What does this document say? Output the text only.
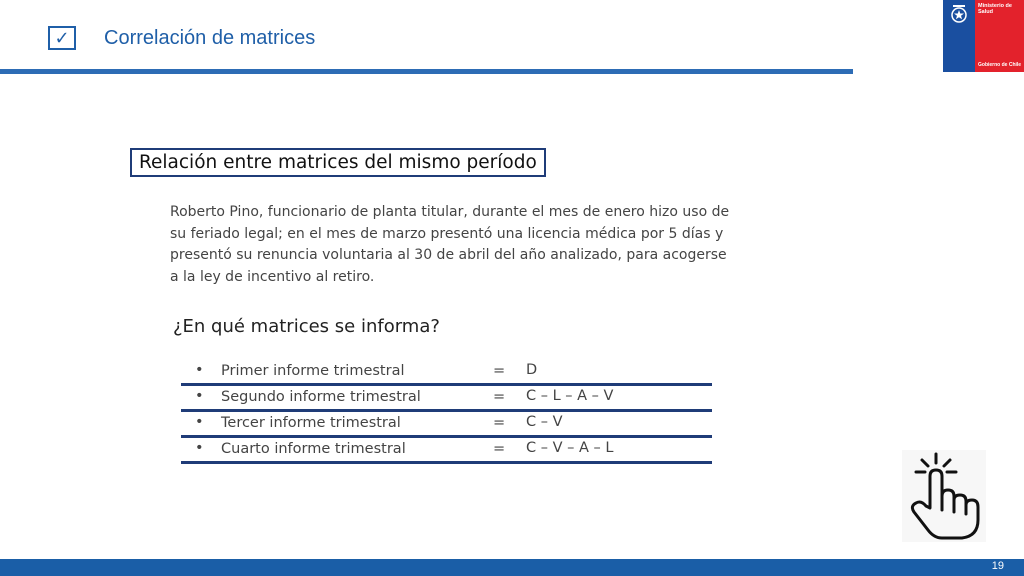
✓ Correlación de matrices
Ministerio de Salud
Gobierno de Chile
Relación entre matrices del mismo período
Roberto Pino, funcionario de planta titular, durante el mes de enero hizo uso de su feriado legal; en el mes de marzo presentó una licencia médica por 5 días y presentó su renuncia voluntaria al 30 de abril del año analizado, para acogerse a la ley de incentivo al retiro.
¿En qué matrices se informa?
• Primer informe trimestral	= D
• Segundo informe trimestral	= C – L – A – V
• Tercer informe trimestral	= C – V
• Cuarto informe trimestral	= C – V – A – L
19
